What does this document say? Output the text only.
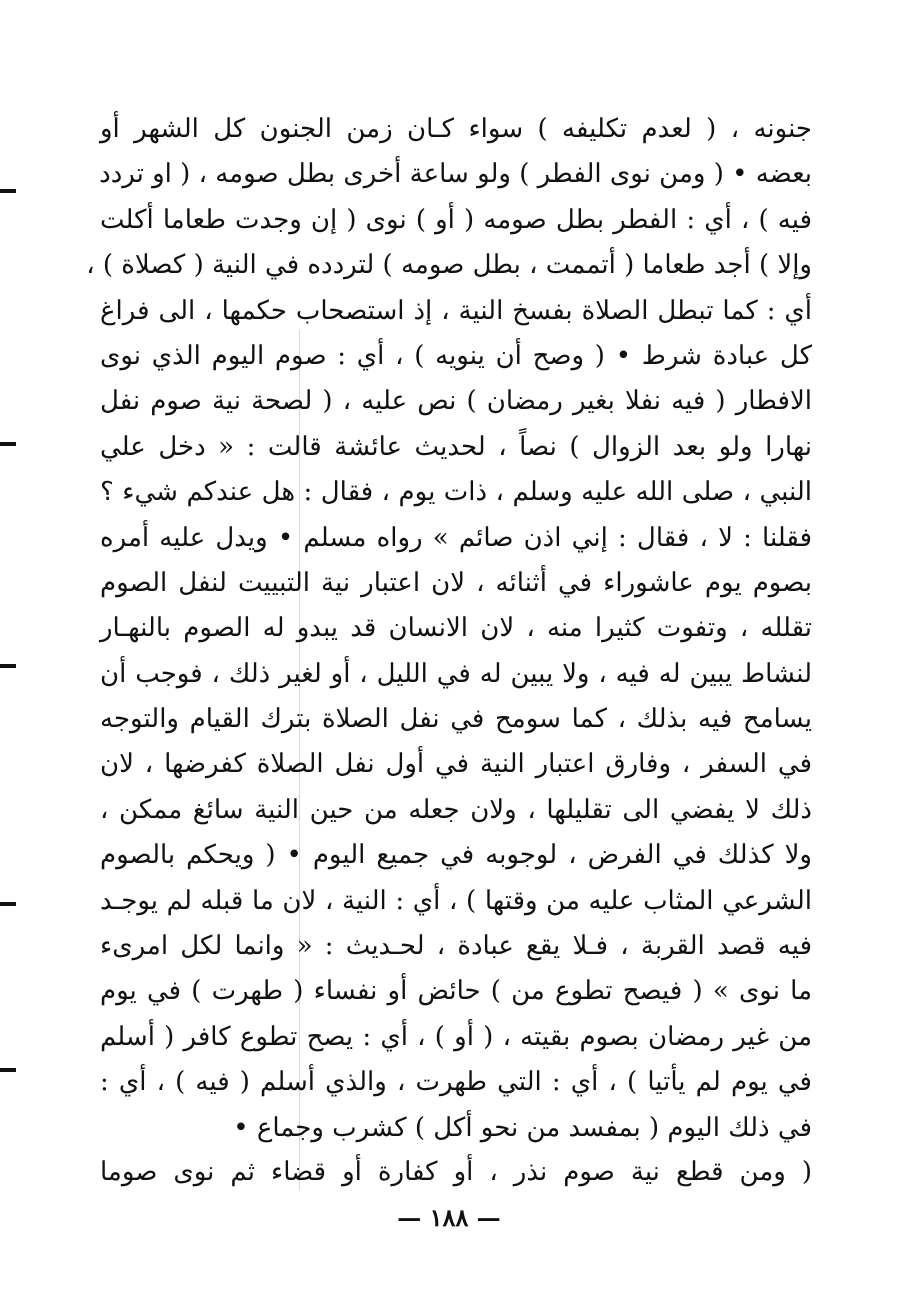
جنونه ، ( لعدم تكليفه ) سواء كـان زمن الجنون كل الشهر أو
بعضه • ( ومن نوى الفطر ) ولو ساعة أخرى بطل صومه ، ( او تردد
فيه ) ، أي : الفطر بطل صومه ( أو ) نوى ( إن وجدت طعاما أكلت
وإلا ) أجد طعاما ( أتممت ، بطل صومه ) لتردده في النية ( كصلاة ) ،
أي : كما تبطل الصلاة بفسخ النية ، إذ استصحاب حكمها ، الى فراغ
كل عبادة شرط • ( وصح أن ينويه ) ، أي : صوم اليوم الذي نوى
الافطار ( فيه نفلا بغير رمضان ) نص عليه ، ( لصحة نية صوم نفل
نهارا ولو بعد الزوال ) نصاً ، لحديث عائشة قالت : « دخل علي
النبي ، صلى الله عليه وسلم ، ذات يوم ، فقال : هل عندكم شيء ؟
فقلنا : لا ، فقال : إني اذن صائم » رواه مسلم • ويدل عليه أمره
بصوم يوم عاشوراء في أثنائه ، لان اعتبار نية التبييت لنفل الصوم
تقلله ، وتفوت كثيرا منه ، لان الانسان قد يبدو له الصوم بالنهـار
لنشاط يبين له فيه ، ولا يبين له في الليل ، أو لغير ذلك ، فوجب أن
يسامح فيه بذلك ، كما سومح في نفل الصلاة بترك القيام والتوجه
في السفر ، وفارق اعتبار النية في أول نفل الصلاة كفرضها ، لان
ذلك لا يفضي الى تقليلها ، ولان جعله من حين النية سائغ ممكن ،
ولا كذلك في الفرض ، لوجوبه في جميع اليوم • ( ويحكم بالصوم
الشرعي المثاب عليه من وقتها ) ، أي : النية ، لان ما قبله لم يوجـد
فيه قصد القربة ، فـلا يقع عبادة ، لحـديث : « وانما لكل امرىء
ما نوى » ( فيصح تطوع من ) حائض أو نفساء ( طهرت ) في يوم
من غير رمضان بصوم بقيته ، ( أو ) ، أي : يصح تطوع كافر ( أسلم
في يوم لم يأتيا ) ، أي : التي طهرت ، والذي أسلم ( فيه ) ، أي :
في ذلك اليوم ( بمفسد من نحو أكل ) كشرب وجماع •
( ومن قطع نية صوم نذر ، أو كفارة أو قضاء ثم نوى صوما
— ١٨٨ —
